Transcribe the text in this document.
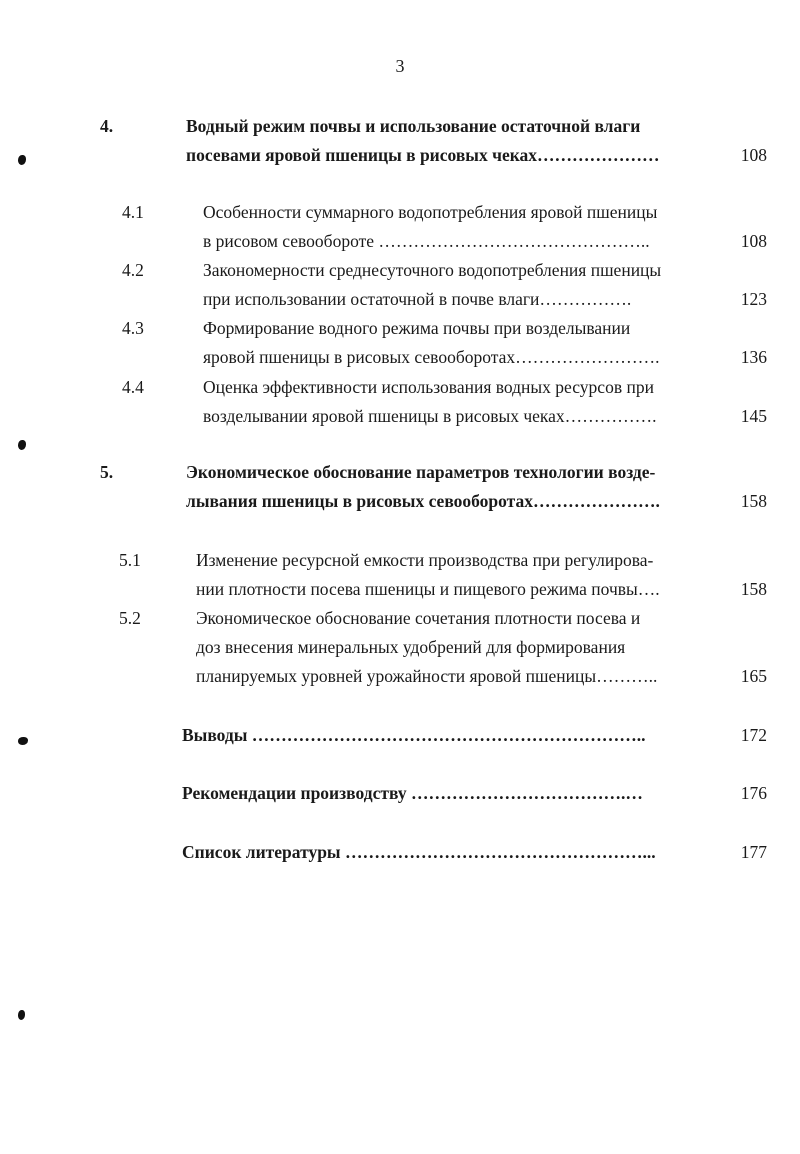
3
4.	Водный режим почвы и использование остаточной влаги
посевами яровой пшеницы в рисовых чеках…………………	108
4.1	Особенности суммарного водопотребления яровой пшеницы
в рисовом севообороте ………………………………………..	108
4.2	Закономерности среднесуточного водопотребления пшеницы
при использовании остаточной в почве влаги…………….	123
4.3	Формирование водного режима почвы при возделывании
яровой пшеницы в рисовых севооборотах…………………….	136
4.4	Оценка эффективности использования водных ресурсов при
возделывании яровой пшеницы в рисовых чеках…………….	145
5.	Экономическое обоснование параметров технологии возде-
лывания пшеницы в рисовых севооборотах………………….	158
5.1	Изменение ресурсной емкости производства при регулирова-
нии плотности посева пшеницы и пищевого режима почвы….	158
5.2	Экономическое обоснование сочетания плотности посева и
доз внесения минеральных удобрений для формирования
планируемых уровней урожайности яровой пшеницы………..	165
Выводы …………………………………………………………..	172
Рекомендации производству ……………………………….…	176
Список литературы ……………………………………………...	177
